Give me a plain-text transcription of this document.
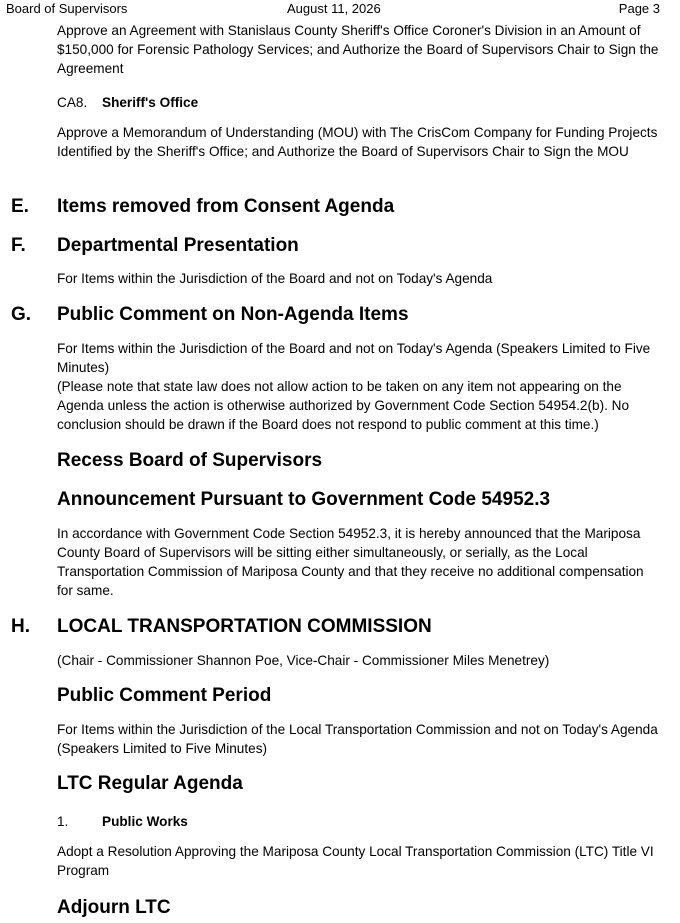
Board of Supervisors	August 11, 2026	Page 3
Approve an Agreement with Stanislaus County Sheriff's Office Coroner's Division in an Amount of $150,000 for Forensic Pathology Services; and Authorize the Board of Supervisors Chair to Sign the Agreement
CA8. Sheriff's Office
Approve a Memorandum of Understanding (MOU) with The CrisCom Company for Funding Projects Identified by the Sheriff's Office; and Authorize the Board of Supervisors Chair to Sign the MOU
E. Items removed from Consent Agenda
F. Departmental Presentation
For Items within the Jurisdiction of the Board and not on Today's Agenda
G. Public Comment on Non-Agenda Items
For Items within the Jurisdiction of the Board and not on Today's Agenda (Speakers Limited to Five Minutes)
(Please note that state law does not allow action to be taken on any item not appearing on the Agenda unless the action is otherwise authorized by Government Code Section 54954.2(b). No conclusion should be drawn if the Board does not respond to public comment at this time.)
Recess Board of Supervisors
Announcement Pursuant to Government Code 54952.3
In accordance with Government Code Section 54952.3, it is hereby announced that the Mariposa County Board of Supervisors will be sitting either simultaneously, or serially, as the Local Transportation Commission of Mariposa County and that they receive no additional compensation for same.
H. LOCAL TRANSPORTATION COMMISSION
(Chair - Commissioner Shannon Poe, Vice-Chair - Commissioner Miles Menetrey)
Public Comment Period
For Items within the Jurisdiction of the Local Transportation Commission and not on Today's Agenda (Speakers Limited to Five Minutes)
LTC Regular Agenda
1. Public Works
Adopt a Resolution Approving the Mariposa County Local Transportation Commission (LTC) Title VI Program
Adjourn LTC
